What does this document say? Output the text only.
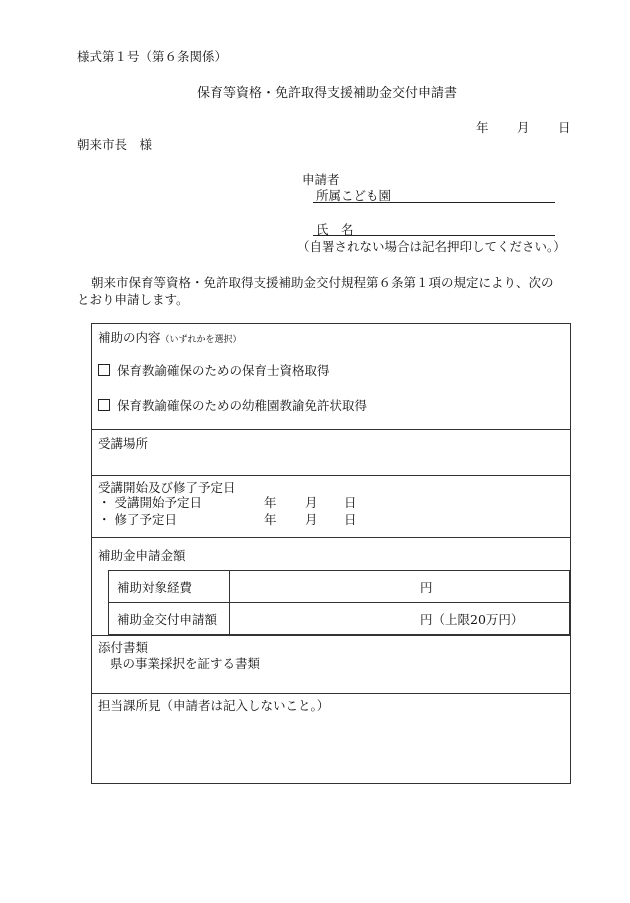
様式第１号（第６条関係）
保育等資格・免許取得支援補助金交付申請書
年 月 日
朝来市長　様
申請者
所属こども園
氏　名
（自署されない場合は記名押印してください。）
朝来市保育等資格・免許取得支援補助金交付規程第６条第１項の規定により、次の
とおり申請します。
補助の内容（いずれかを選択）
保育教諭確保のための保育士資格取得
保育教諭確保のための幼稚園教諭免許状取得
受講場所
受講開始及び修了予定日
・ 受講開始予定日	年 月 日
・ 修了予定日	年 月 日
補助金申請金額
補助対象経費	円
補助金交付申請額	円（上限20万円）
添付書類
県の事業採択を証する書類
担当課所見（申請者は記入しないこと。）
